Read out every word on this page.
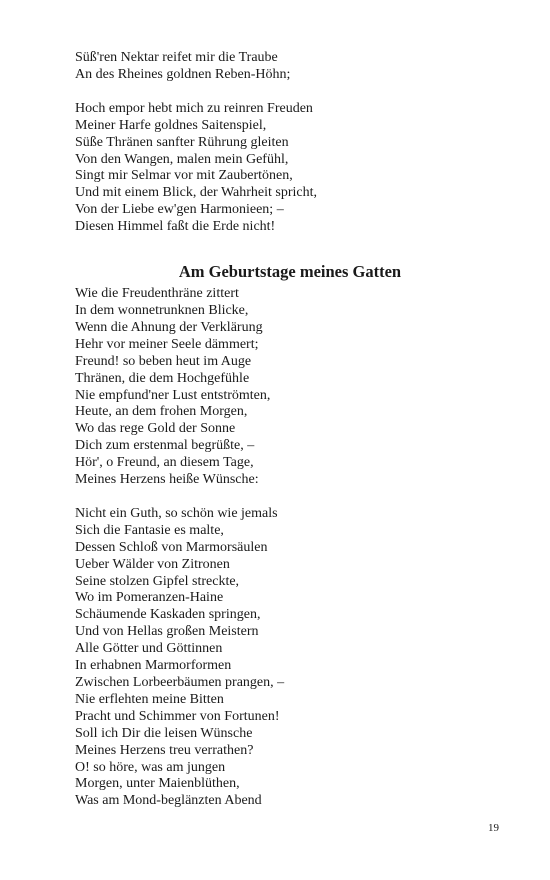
Süß'ren Nektar reifet mir die Traube
An des Rheines goldnen Reben-Höhn;
Hoch empor hebt mich zu reinren Freuden
Meiner Harfe goldnes Saitenspiel,
Süße Thränen sanfter Rührung gleiten
Von den Wangen, malen mein Gefühl,
Singt mir Selmar vor mit Zaubertönen,
Und mit einem Blick, der Wahrheit spricht,
Von der Liebe ew'gen Harmonieen; –
Diesen Himmel faßt die Erde nicht!
Am Geburtstage meines Gatten
Wie die Freudenthräne zittert
In dem wonnetrunknen Blicke,
Wenn die Ahnung der Verklärung
Hehr vor meiner Seele dämmert;
Freund! so beben heut im Auge
Thränen, die dem Hochgefühle
Nie empfund'ner Lust entströmten,
Heute, an dem frohen Morgen,
Wo das rege Gold der Sonne
Dich zum erstenmal begrüßte, –
Hör', o Freund, an diesem Tage,
Meines Herzens heiße Wünsche:
Nicht ein Guth, so schön wie jemals
Sich die Fantasie es malte,
Dessen Schloß von Marmorsäulen
Ueber Wälder von Zitronen
Seine stolzen Gipfel streckte,
Wo im Pomeranzen-Haine
Schäumende Kaskaden springen,
Und von Hellas großen Meistern
Alle Götter und Göttinnen
In erhabnen Marmorformen
Zwischen Lorbeerbäumen prangen, –
Nie erflehten meine Bitten
Pracht und Schimmer von Fortunen!
Soll ich Dir die leisen Wünsche
Meines Herzens treu verrathen?
O! so höre, was am jungen
Morgen, unter Maienblüthen,
Was am Mond-beglänzten Abend
19
